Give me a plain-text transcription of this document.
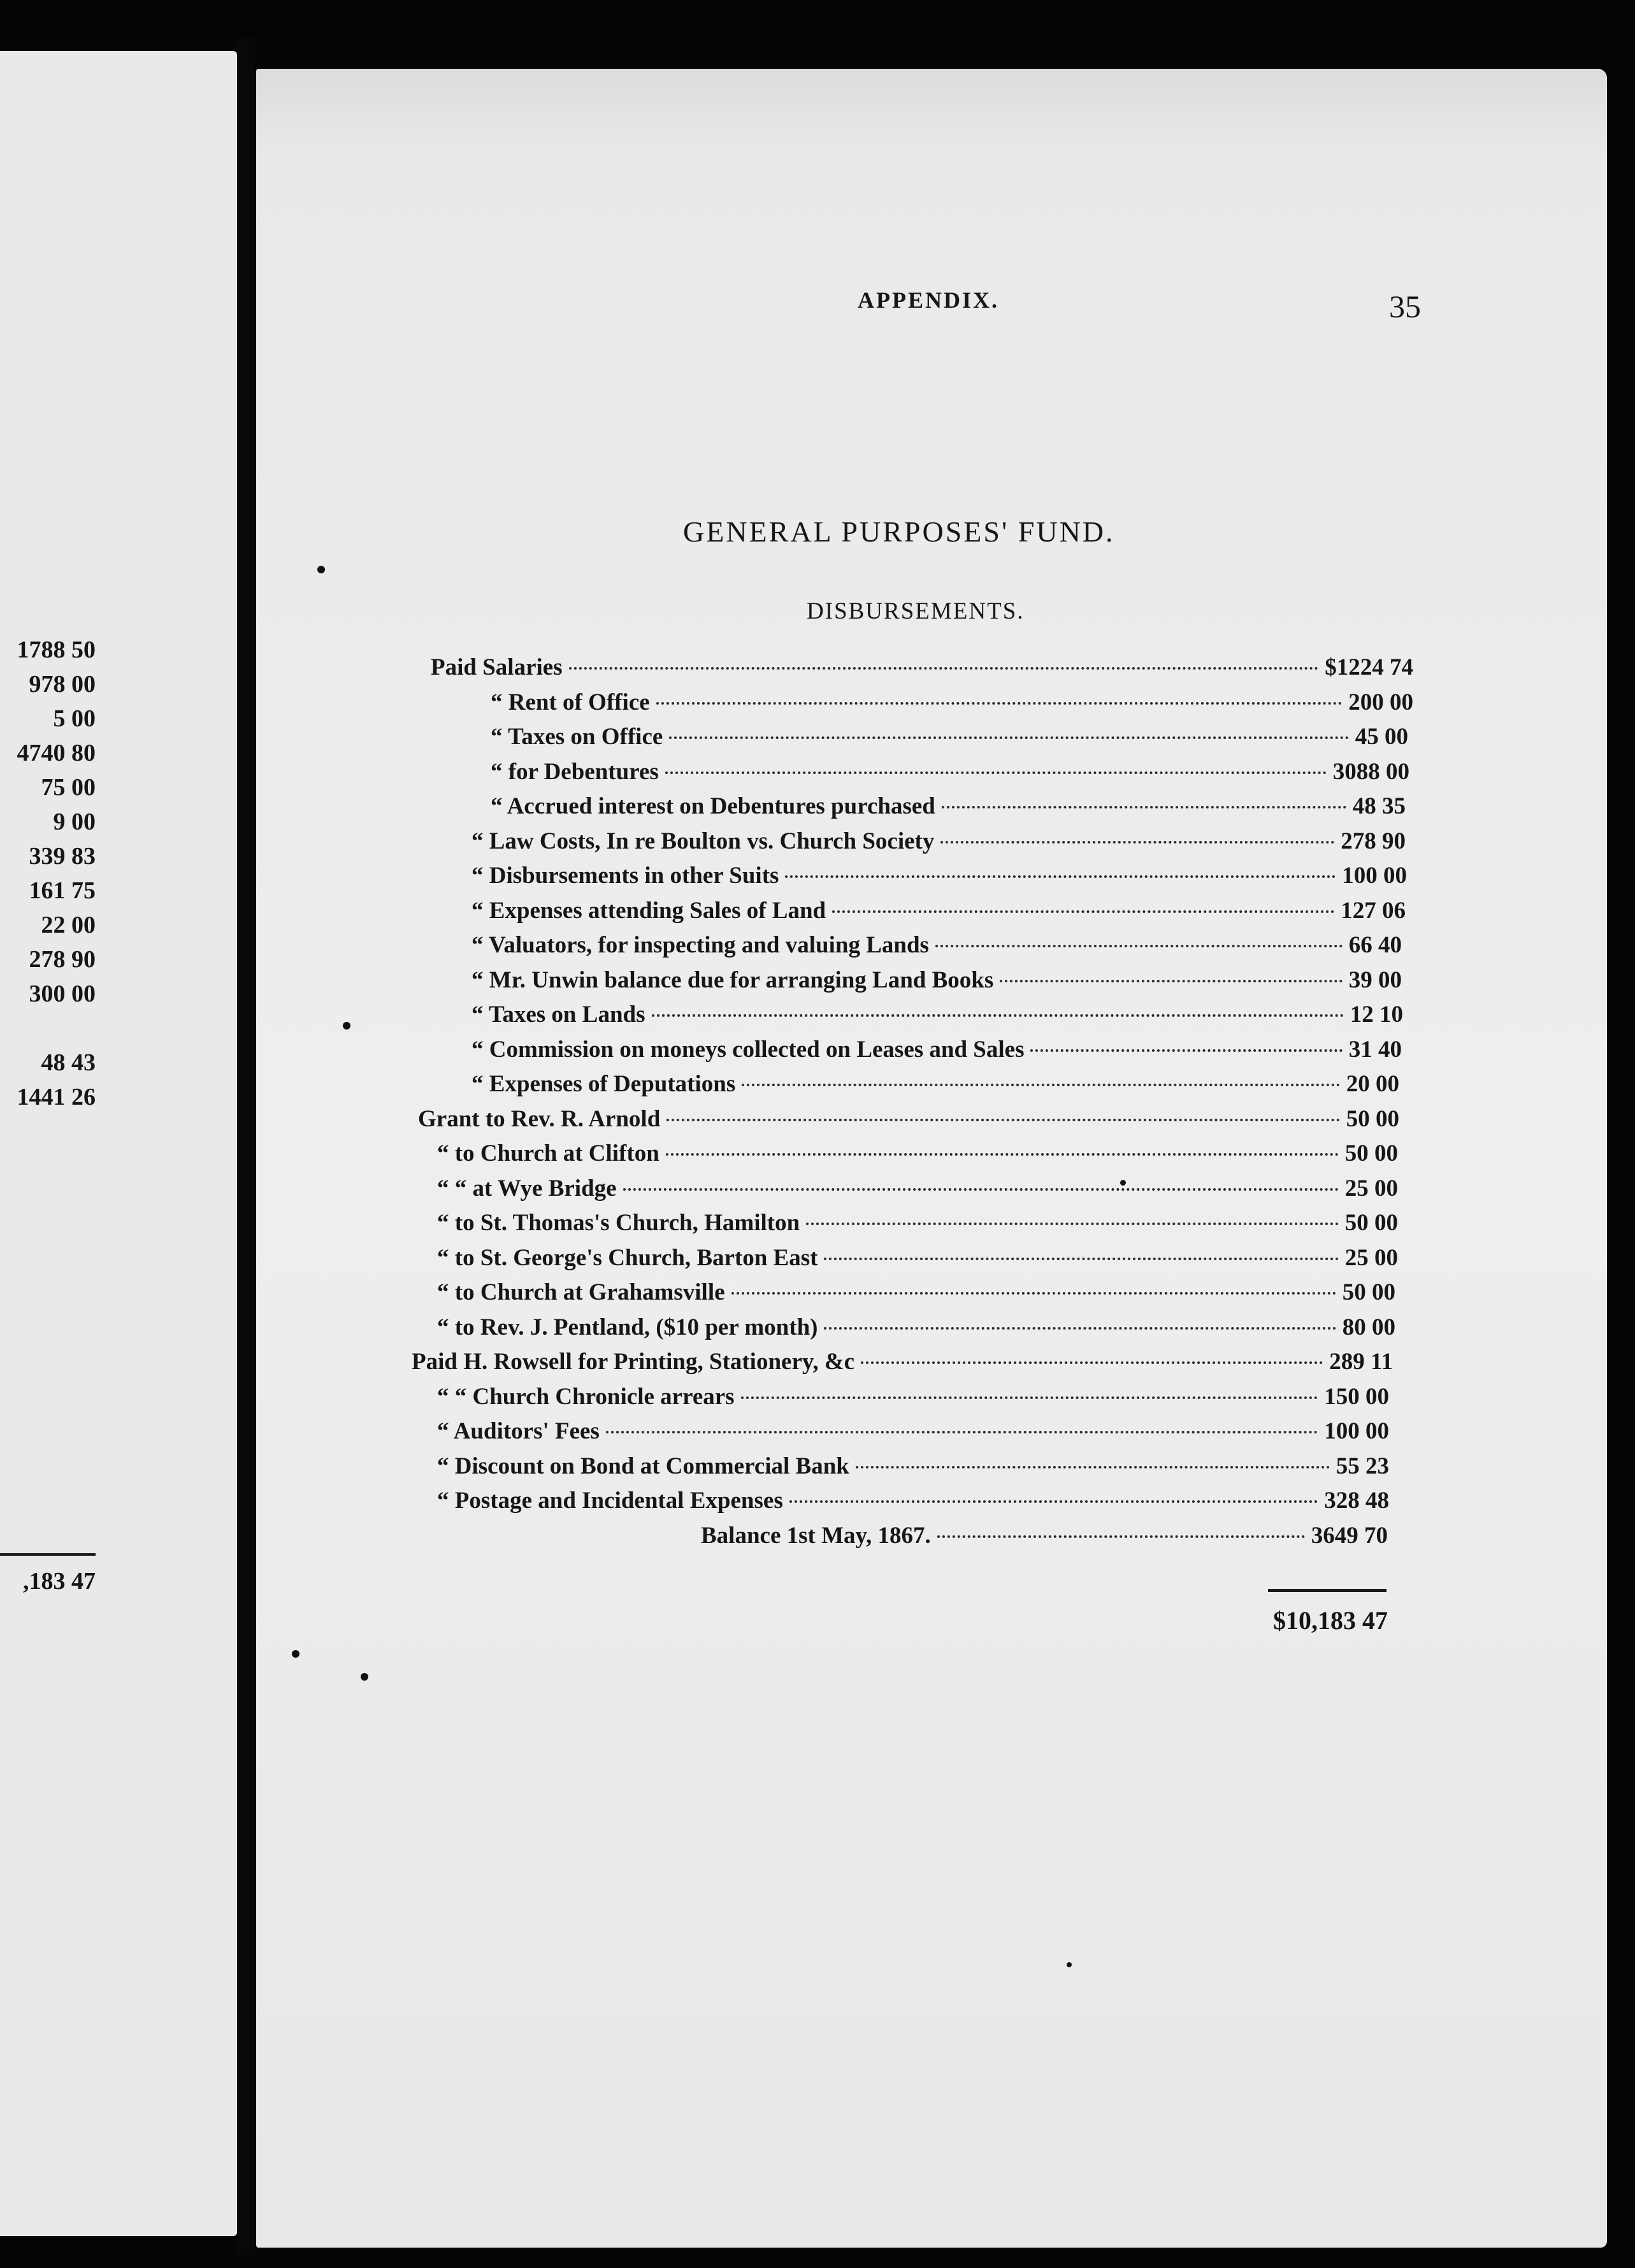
1788 50
978 00
5 00
4740 80
75 00
9 00
339 83
161 75
22 00
278 90
300 00
48 43
1441 26
,183 47
APPENDIX.	35
GENERAL PURPOSES' FUND.
DISBURSEMENTS.
Paid Salaries	$1224 74
“ Rent of Office	200 00
“ Taxes on Office	45 00
“ for Debentures	3088 00
“ Accrued interest on Debentures purchased	48 35
“ Law Costs, In re Boulton vs. Church Society	278 90
“ Disbursements in other Suits	100 00
“ Expenses attending Sales of Land	127 06
“ Valuators, for inspecting and valuing Lands	66 40
“ Mr. Unwin balance due for arranging Land Books	39 00
“ Taxes on Lands	12 10
“ Commission on moneys collected on Leases and Sales	31 40
“ Expenses of Deputations	20 00
Grant to Rev. R. Arnold	50 00
“ to Church at Clifton	50 00
“ “ at Wye Bridge	25 00
“ to St. Thomas's Church, Hamilton	50 00
“ to St. George's Church, Barton East	25 00
“ to Church at Grahamsville	50 00
“ to Rev. J. Pentland, ($10 per month)	80 00
Paid H. Rowsell for Printing, Stationery, &c	289 11
“ “ Church Chronicle arrears	150 00
“ Auditors' Fees	100 00
“ Discount on Bond at Commercial Bank	55 23
“ Postage and Incidental Expenses	328 48
Balance 1st May, 1867.	3649 70
$10,183 47
